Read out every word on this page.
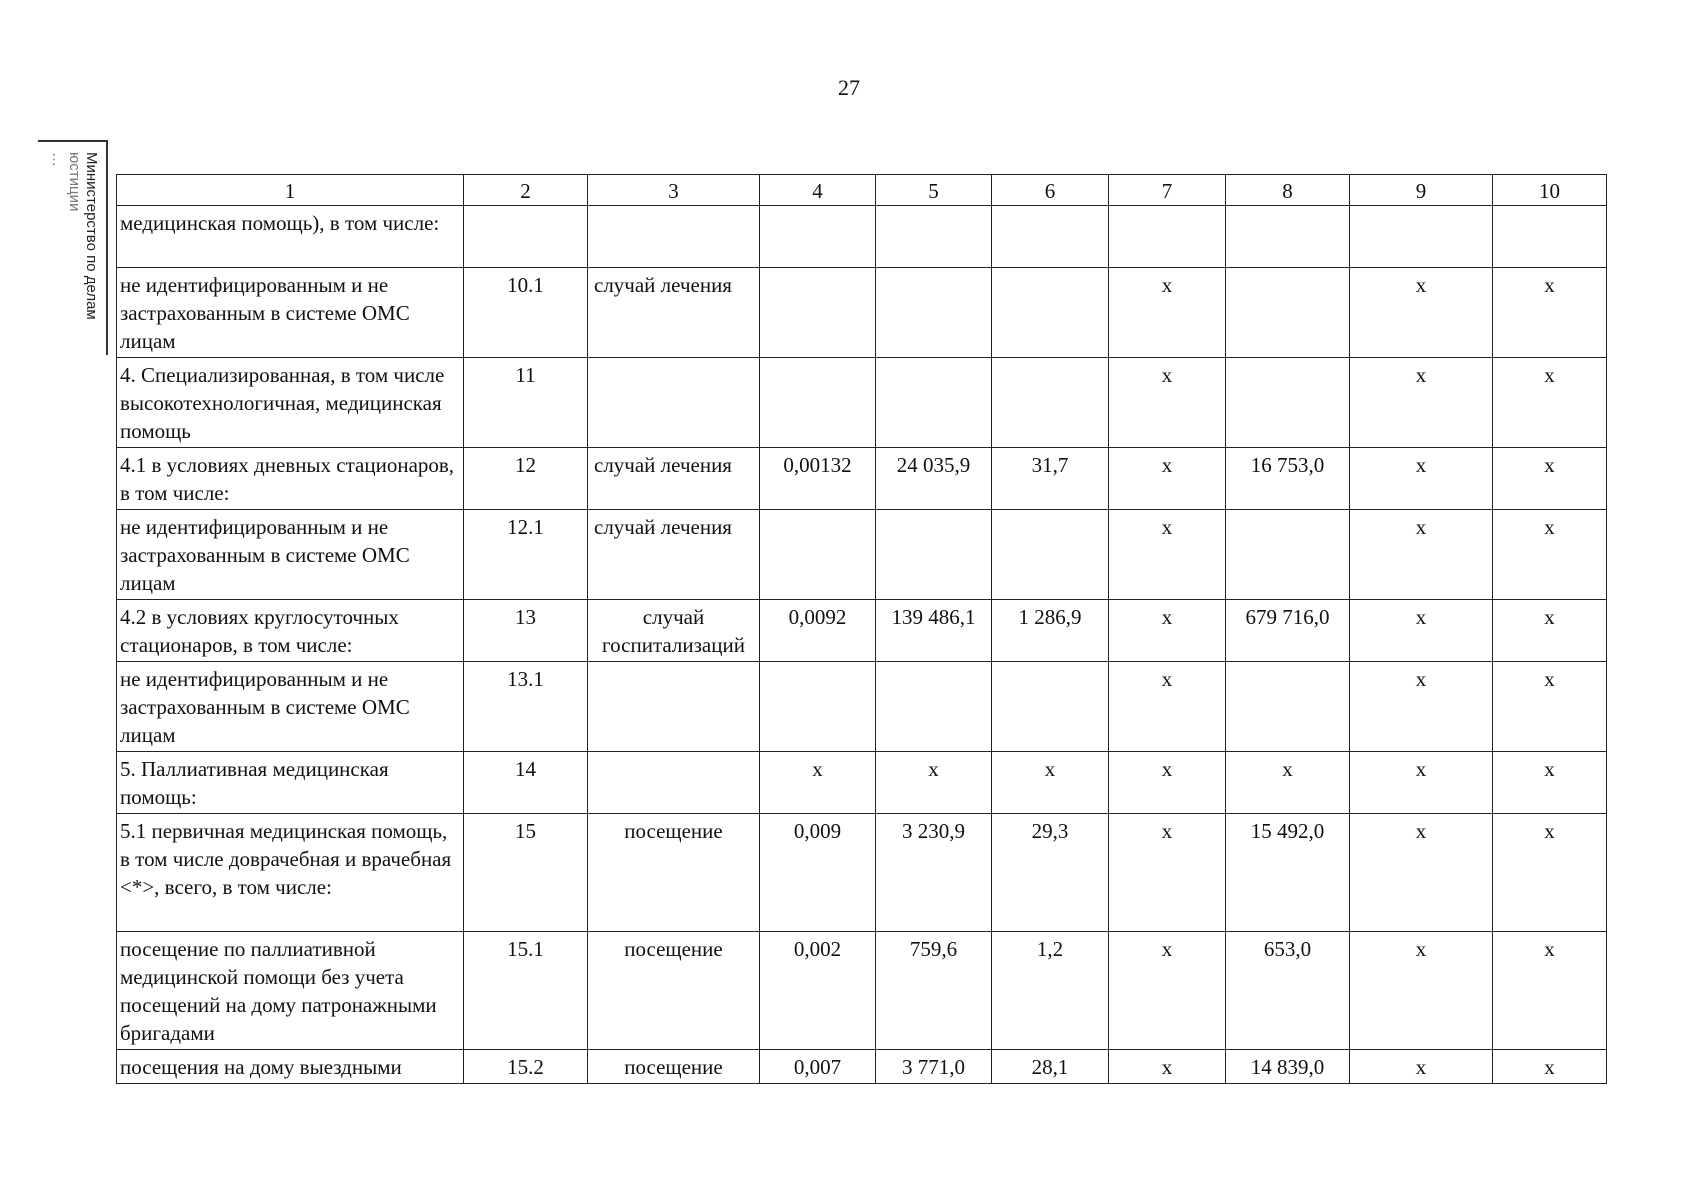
27
Министерство по делам
юстиции
…
1	2	3	4	5	6	7	8	9	10
медицинская помощь), в том числе:									
не идентифицированным и не застрахованным в системе ОМС лицам	10.1	случай лечения				х		х	х
4. Специализированная, в том числе высокотехнологичная, медицинская помощь	11					х		х	х
4.1 в условиях дневных стационаров, в том числе:	12	случай лечения	0,00132	24 035,9	31,7	х	16 753,0	х	х
не идентифицированным и не застрахованным в системе ОМС лицам	12.1	случай лечения				х		х	х
4.2 в условиях круглосуточных стационаров, в том числе:	13	случай госпитализаций	0,0092	139 486,1	1 286,9	х	679 716,0	х	х
не идентифицированным и не застрахованным в системе ОМС лицам	13.1					х		х	х
5. Паллиативная медицинская помощь:	14		х	х	х	х	х	х	х
5.1 первичная медицинская помощь, в том числе доврачебная и врачебная <*>, всего, в том числе:	15	посещение	0,009	3 230,9	29,3	х	15 492,0	х	х
посещение по паллиативной медицинской помощи без учета посещений на дому патронажными бригадами	15.1	посещение	0,002	759,6	1,2	х	653,0	х	х
посещения на дому выездными	15.2	посещение	0,007	3 771,0	28,1	х	14 839,0	х	х
